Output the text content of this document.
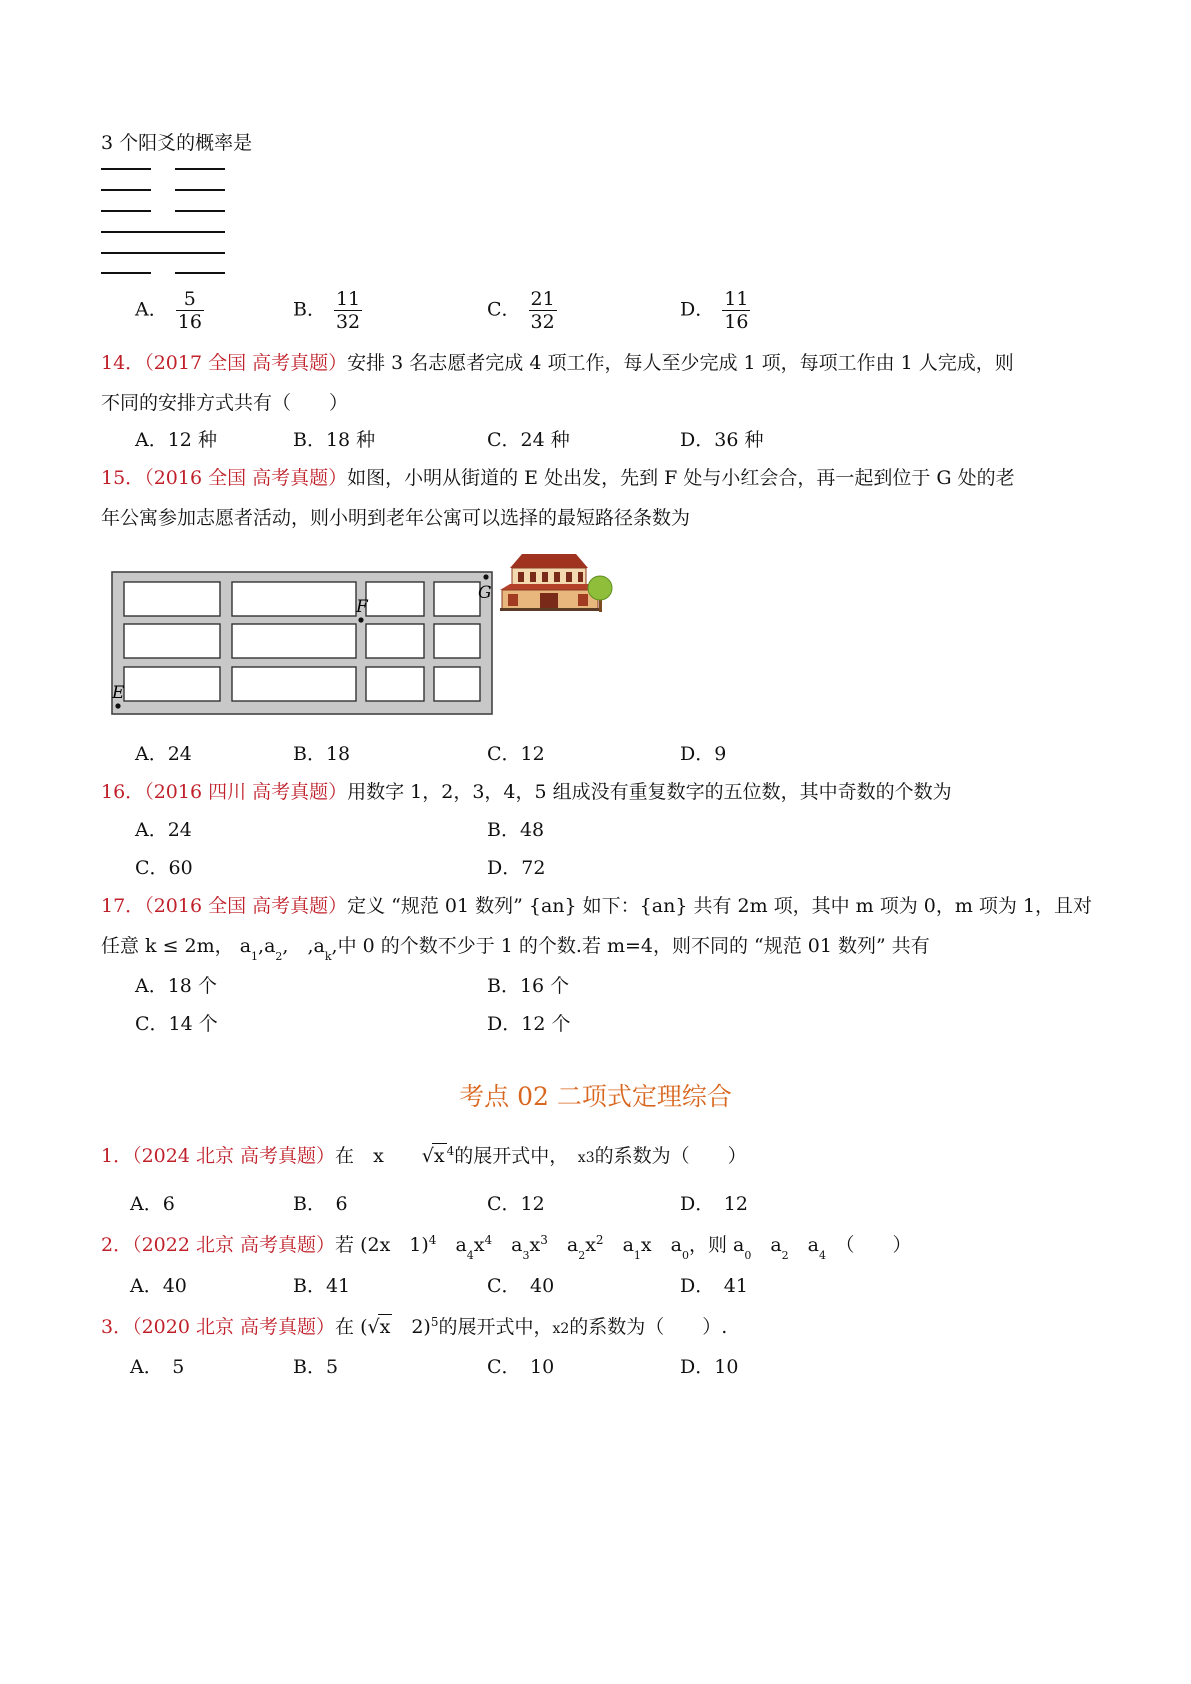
3 个阳爻的概率是
A． $\frac{5}{16}$	B． $\frac{11}{32}$	C． $\frac{21}{32}$	D． $\frac{11}{16}$
14．（2017 全国 高考真题）安排 3 名志愿者完成 4 项工作，每人至少完成 1 项，每项工作由 1 人完成，则
不同的安排方式共有（　　）
A．12 种	B．18 种	C．24 种	D．36 种
15．（2016 全国 高考真题）如图，小明从街道的 E 处出发，先到 F 处与小红会合，再一起到位于 G 处的老
年公寓参加志愿者活动，则小明到老年公寓可以选择的最短路径条数为
E
F
G
A．24	B．18	C．12	D．9
16．（2016 四川 高考真题）用数字 1，2，3，4，5 组成没有重复数字的五位数，其中奇数的个数为
A．24	B．48
C．60	D．72
17．（2016 全国 高考真题）定义 “规范 01 数列” {an} 如下：{an} 共有 2m 项，其中 m 项为 0，m 项为 1，且对
任意 k ≤ 2m， $a_1,a_2$,　$,a_k$,中 0 的个数不少于 1 的个数.若 m=4，则不同的 “规范 01 数列” 共有
A．18 个	B．16 个
C．14 个	D．12 个
考点 02 二项式定理综合
1．（2024 北京 高考真题）在　 x　　 √x $^4$的展开式中，　 x3的系数为（　　）
A．6	B．　6	C．12	D．　12
2．（2022 北京 高考真题）若 (2x　1)$^4$　 $a_4x^4$　 $a_3x^3$　 $a_2x^2$　 $a_1x$　$a_0$，则 $a_0$　 $a_2$　 $a_4$　 （　　）
A．40	B．41	C．　40	D．　41
3．（2020 北京 高考真题）在 (√x　2)$^5$的展开式中，x2的系数为（　　）.
A．　5	B．5	C．　10	D．10
